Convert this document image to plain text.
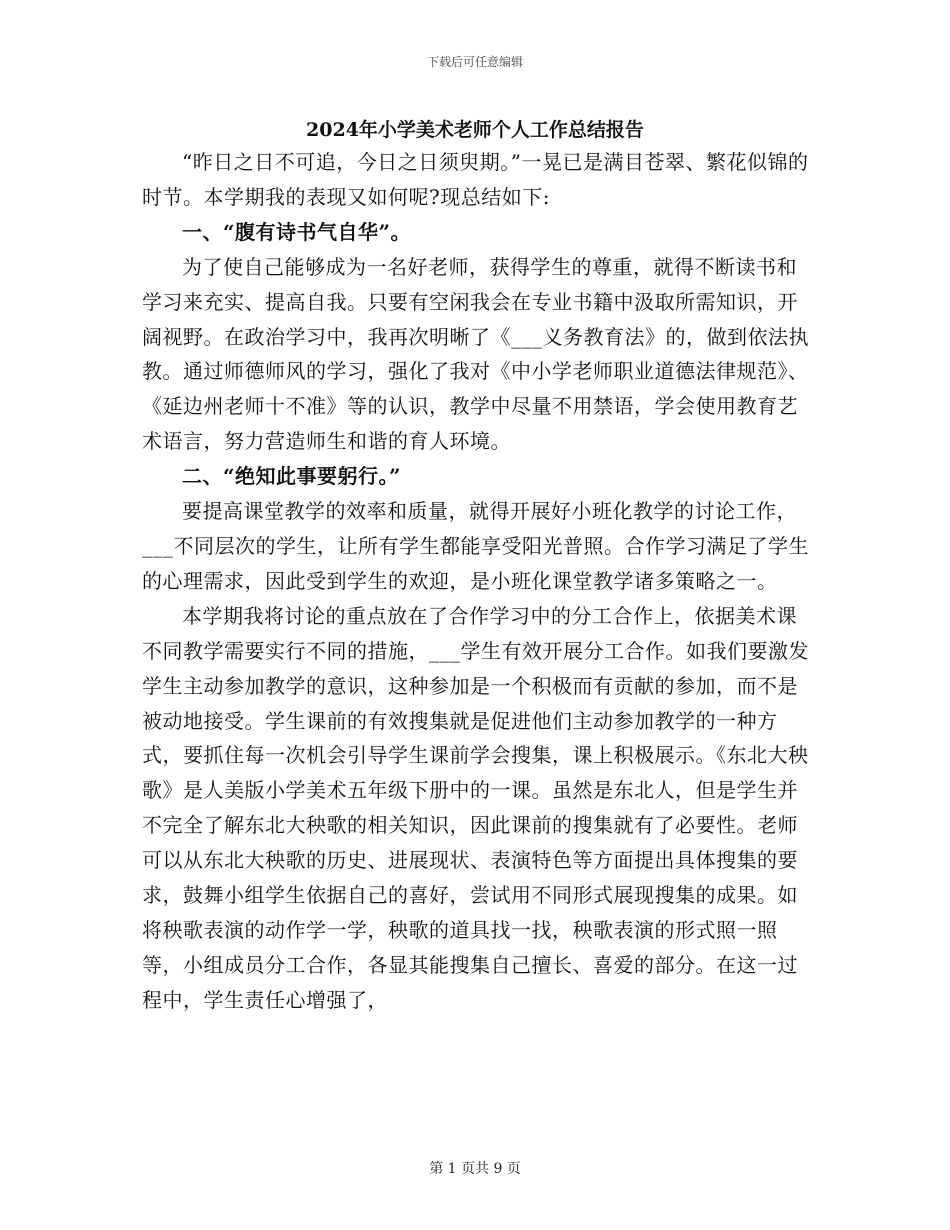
下载后可任意编辑
2024年小学美术老师个人工作总结报告

“昨日之日不可追，今日之日须臾期。”一晃已是满目苍翠、繁花似锦的时节。本学期我的表现又如何呢?现总结如下:

一、“腹有诗书气自华”。

为了使自己能够成为一名好老师，获得学生的尊重，就得不断读书和学习来充实、提高自我。只要有空闲我会在专业书籍中汲取所需知识，开阔视野。在政治学习中，我再次明晰了《___义务教育法》的，做到依法执教。通过师德师风的学习，强化了我对《中小学老师职业道德法律规范》、《延边州老师十不准》等的认识，教学中尽量不用禁语，学会使用教育艺术语言，努力营造师生和谐的育人环境。

二、“绝知此事要躬行。”

要提高课堂教学的效率和质量，就得开展好小班化教学的讨论工作，___不同层次的学生，让所有学生都能享受阳光普照。合作学习满足了学生的心理需求，因此受到学生的欢迎，是小班化课堂教学诸多策略之一。

本学期我将讨论的重点放在了合作学习中的分工合作上，依据美术课不同教学需要实行不同的措施，___学生有效开展分工合作。如我们要激发学生主动参加教学的意识，这种参加是一个积极而有贡献的参加，而不是被动地接受。学生课前的有效搜集就是促进他们主动参加教学的一种方式，要抓住每一次机会引导学生课前学会搜集，课上积极展示。《东北大秧歌》是人美版小学美术五年级下册中的一课。虽然是东北人，但是学生并不完全了解东北大秧歌的相关知识，因此课前的搜集就有了必要性。老师可以从东北大秧歌的历史、进展现状、表演特色等方面提出具体搜集的要求，鼓舞小组学生依据自己的喜好，尝试用不同形式展现搜集的成果。如将秧歌表演的动作学一学，秧歌的道具找一找，秧歌表演的形式照一照等，小组成员分工合作，各显其能搜集自己擅长、喜爱的部分。在这一过程中，学生责任心增强了，

第 1 页共 9 页
